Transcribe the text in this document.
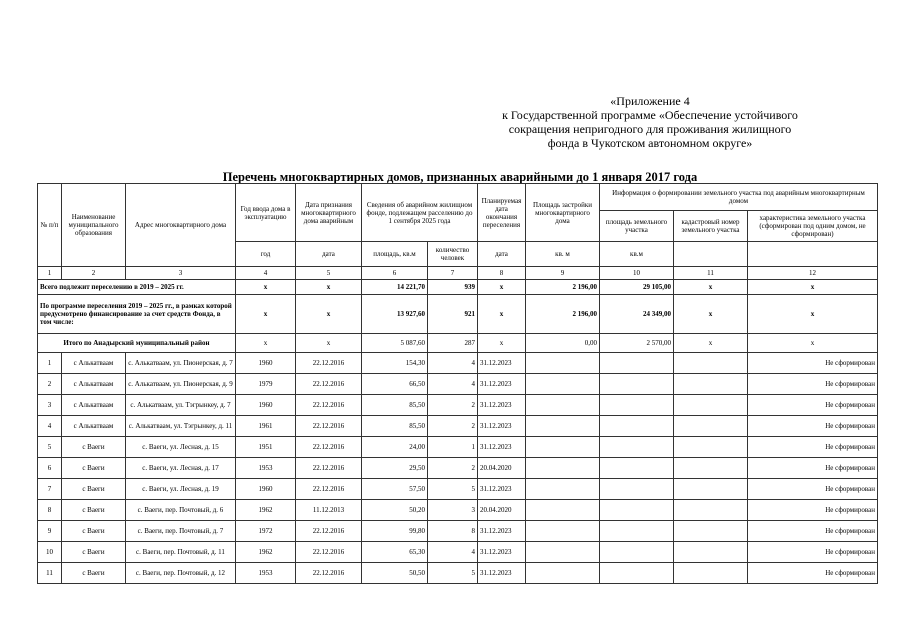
«Приложение 4
к Государственной программе «Обеспечение устойчивого
сокращения непригодного для проживания жилищного
фонда в Чукотском автономном округе»
Перечень многоквартирных домов, признанных аварийными до 1 января 2017 года
№ п/п	Наименование муниципального образования	Адрес многоквартирного дома	Год ввода дома в эксплуатацию	Дата признания многоквартирного дома аварийным	Сведения об аварийном жилищном фонде, подлежащем расселению до 1 сентября 2025 года		Планируемая дата окончания переселения	Площадь застройки многоквартирного дома	Информация о формировании земельного участка под аварийным многоквартирным домом		
									площадь земельного участка	кадастровый номер земельного участка	характеристика земельного участка (сформирован под одним домом, не сформирован)
			год	дата	площадь, кв.м	количество человек	дата	кв. м	кв.м		
1	2	3	4	5	6	7	8	9	10	11	12
Всего подлежит переселению в 2019 – 2025 гг.			x	x	14 221,70	939	x	2 196,00	29 105,00	x	x
По программе переселения 2019 – 2025 гг., в рамках которой предусмотрено финансирование за счет средств Фонда, в том числе:			x	x	13 927,60	921	x	2 196,00	24 349,00	x	x
Итого по Анадырский муниципальный район			x	x	5 087,60	287	x	0,00	2 570,00	x	x
1	с Алькатваам	с. Алькатваам, ул. Пионерская, д. 7	1960	22.12.2016	154,30	4	31.12.2023				Не сформирован
2	с Алькатваам	с. Алькатваам, ул. Пионерская, д. 9	1979	22.12.2016	66,50	4	31.12.2023				Не сформирован
3	с Алькатваам	с. Алькатваам, ул. Тэгрынкеу, д. 7	1960	22.12.2016	85,50	2	31.12.2023				Не сформирован
4	с Алькатваам	с. Алькатваам, ул. Тэгрынкеу, д. 11	1961	22.12.2016	85,50	2	31.12.2023				Не сформирован
5	с Ваеги	с. Ваеги, ул. Лесная, д. 15	1951	22.12.2016	24,00	1	31.12.2023				Не сформирован
6	с Ваеги	с. Ваеги, ул. Лесная, д. 17	1953	22.12.2016	29,50	2	20.04.2020				Не сформирован
7	с Ваеги	с. Ваеги, ул. Лесная, д. 19	1960	22.12.2016	57,50	5	31.12.2023				Не сформирован
8	с Ваеги	с. Ваеги, пер. Почтовый, д. 6	1962	11.12.2013	50,20	3	20.04.2020				Не сформирован
9	с Ваеги	с. Ваеги, пер. Почтовый, д. 7	1972	22.12.2016	99,80	8	31.12.2023				Не сформирован
10	с Ваеги	с. Ваеги, пер. Почтовый, д. 11	1962	22.12.2016	65,30	4	31.12.2023				Не сформирован
11	с Ваеги	с. Ваеги, пер. Почтовый, д. 12	1953	22.12.2016	50,50	5	31.12.2023				Не сформирован
